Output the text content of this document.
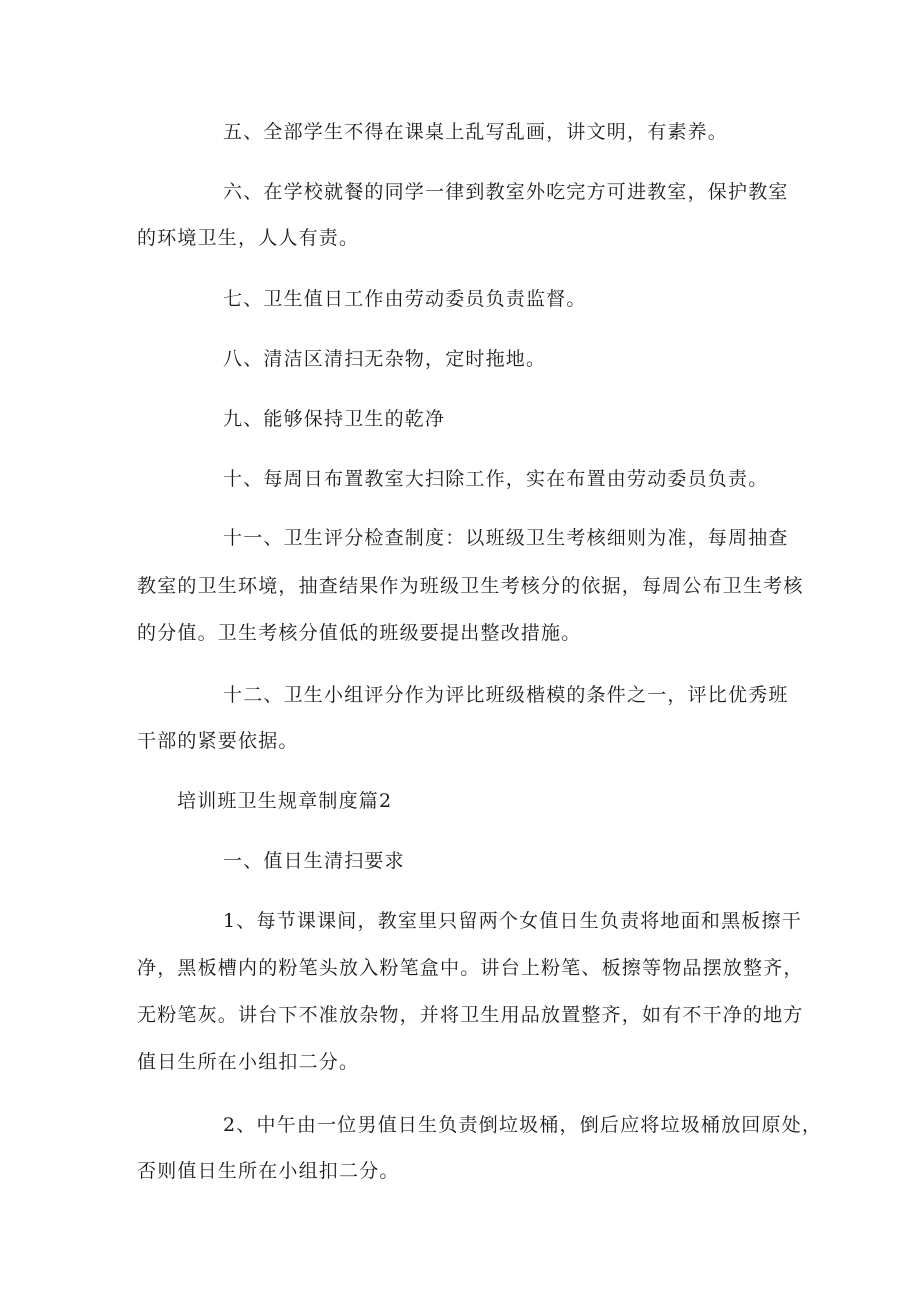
五、全部学生不得在课桌上乱写乱画，讲文明，有素养。
六、在学校就餐的同学一律到教室外吃完方可进教室，保护教室
的环境卫生，人人有责。
七、卫生值日工作由劳动委员负责监督。
八、清洁区清扫无杂物，定时拖地。
九、能够保持卫生的乾净
十、每周日布置教室大扫除工作，实在布置由劳动委员负责。
十一、卫生评分检查制度：以班级卫生考核细则为准，每周抽查
教室的卫生环境，抽查结果作为班级卫生考核分的依据，每周公布卫生考核
的分值。卫生考核分值低的班级要提出整改措施。
十二、卫生小组评分作为评比班级楷模的条件之一，评比优秀班
干部的紧要依据。
培训班卫生规章制度篇2
一、值日生清扫要求
1、每节课课间，教室里只留两个女值日生负责将地面和黑板擦干
净，黑板槽内的粉笔头放入粉笔盒中。讲台上粉笔、板擦等物品摆放整齐，
无粉笔灰。讲台下不准放杂物，并将卫生用品放置整齐，如有不干净的地方
值日生所在小组扣二分。
2、中午由一位男值日生负责倒垃圾桶，倒后应将垃圾桶放回原处，
否则值日生所在小组扣二分。
